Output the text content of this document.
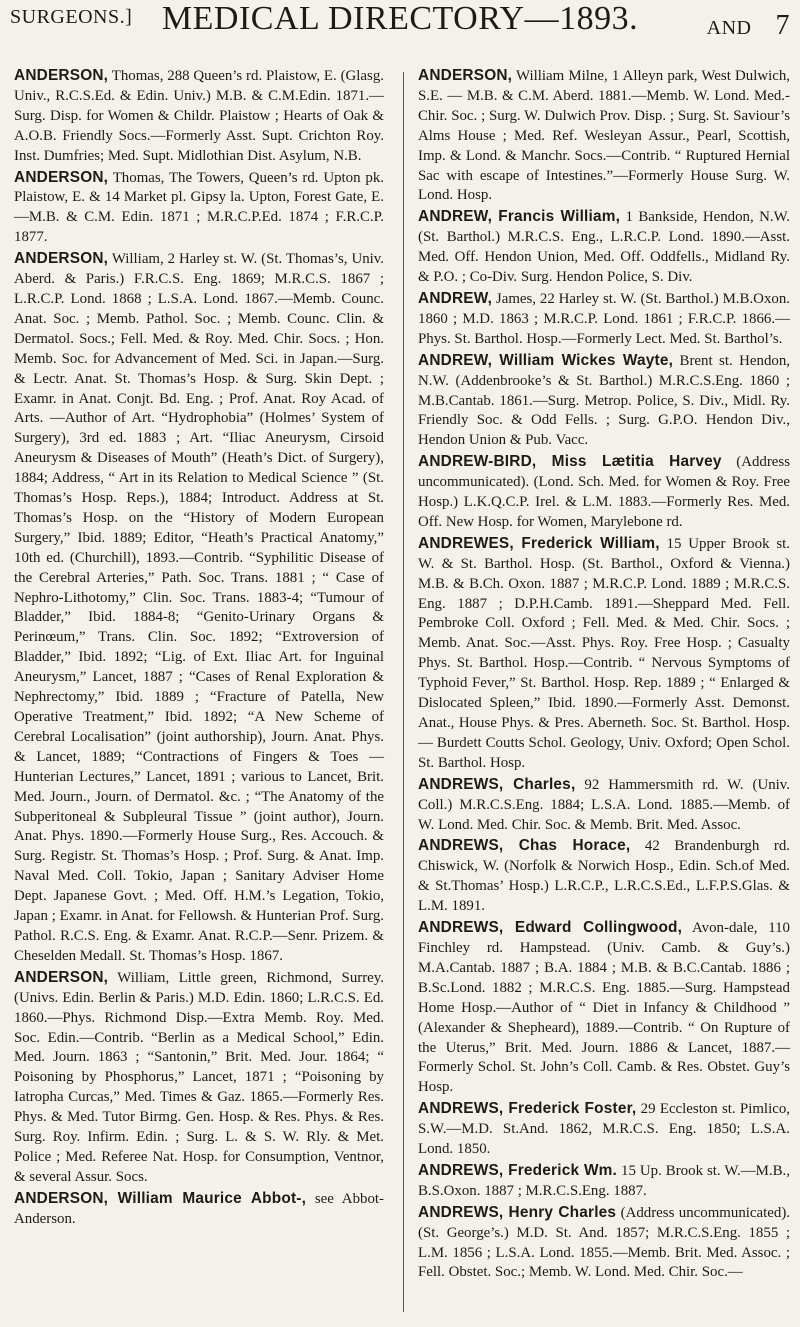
SURGEONS.] MEDICAL DIRECTORY—1893.	AND 7
ANDERSON, Thomas, 288 Queen’s rd. Plaistow, E. (Glasg. Univ., R.C.S.Ed. & Edin. Univ.) M.B. & C.M.Edin. 1871.—Surg. Disp. for Women & Childr. Plaistow ; Hearts of Oak & A.O.B. Friendly Socs.—Formerly Asst. Supt. Crichton Roy. Inst. Dumfries; Med. Supt. Midlothian Dist. Asylum, N.B.
ANDERSON, Thomas, The Towers, Queen’s rd. Upton pk. Plaistow, E. & 14 Market pl. Gipsy la. Upton, Forest Gate, E.—M.B. & C.M. Edin. 1871 ; M.R.C.P.Ed. 1874 ; F.R.C.P. 1877.
ANDERSON, William, 2 Harley st. W. (St. Thomas’s, Univ. Aberd. & Paris.) F.R.C.S. Eng. 1869; M.R.C.S. 1867 ; L.R.C.P. Lond. 1868 ; L.S.A. Lond. 1867.—Memb. Counc. Anat. Soc. ; Memb. Pathol. Soc. ; Memb. Counc. Clin. & Dermatol. Socs.; Fell. Med. & Roy. Med. Chir. Socs. ; Hon. Memb. Soc. for Advancement of Med. Sci. in Japan.—Surg. & Lectr. Anat. St. Thomas’s Hosp. & Surg. Skin Dept. ; Examr. in Anat. Conjt. Bd. Eng. ; Prof. Anat. Roy Acad. of Arts. —Author of Art. “Hydrophobia” (Holmes’ System of Surgery), 3rd ed. 1883 ; Art. “Iliac Aneurysm, Cirsoid Aneurysm & Diseases of Mouth” (Heath’s Dict. of Surgery), 1884; Address, “ Art in its Relation to Medical Science ” (St. Thomas’s Hosp. Reps.), 1884; Introduct. Address at St. Thomas’s Hosp. on the “History of Modern European Surgery,” Ibid. 1889; Editor, “Heath’s Practical Anatomy,” 10th ed. (Churchill), 1893.—Contrib. “Syphilitic Disease of the Cerebral Arteries,” Path. Soc. Trans. 1881 ; “ Case of Nephro-Lithotomy,” Clin. Soc. Trans. 1883-4; “Tumour of Bladder,” Ibid. 1884-8; “Genito-Urinary Organs & Perinœum,” Trans. Clin. Soc. 1892; “Extroversion of Bladder,” Ibid. 1892; “Lig. of Ext. Iliac Art. for Inguinal Aneurysm,” Lancet, 1887 ; “Cases of Renal Exploration & Nephrectomy,” Ibid. 1889 ; “Fracture of Patella, New Operative Treatment,” Ibid. 1892; “A New Scheme of Cerebral Localisation” (joint authorship), Journ. Anat. Phys. & Lancet, 1889; “Contractions of Fingers & Toes — Hunterian Lectures,” Lancet, 1891 ; various to Lancet, Brit. Med. Journ., Journ. of Dermatol. &c. ; “The Anatomy of the Subperitoneal & Subpleural Tissue ” (joint author), Journ. Anat. Phys. 1890.—Formerly House Surg., Res. Accouch. & Surg. Registr. St. Thomas’s Hosp. ; Prof. Surg. & Anat. Imp. Naval Med. Coll. Tokio, Japan ; Sanitary Adviser Home Dept. Japanese Govt. ; Med. Off. H.M.’s Legation, Tokio, Japan ; Examr. in Anat. for Fellowsh. & Hunterian Prof. Surg. Pathol. R.C.S. Eng. & Examr. Anat. R.C.P.—Senr. Prizem. & Cheselden Medall. St. Thomas’s Hosp. 1867.
ANDERSON, William, Little green, Richmond, Surrey. (Univs. Edin. Berlin & Paris.) M.D. Edin. 1860; L.R.C.S. Ed. 1860.—Phys. Richmond Disp.—Extra Memb. Roy. Med. Soc. Edin.—Contrib. “Berlin as a Medical School,” Edin. Med. Journ. 1863 ; “Santonin,” Brit. Med. Jour. 1864; “ Poisoning by Phosphorus,” Lancet, 1871 ; “Poisoning by Iatropha Curcas,” Med. Times & Gaz. 1865.—Formerly Res. Phys. & Med. Tutor Birmg. Gen. Hosp. & Res. Phys. & Res. Surg. Roy. Infirm. Edin. ; Surg. L. & S. W. Rly. & Met. Police ; Med. Referee Nat. Hosp. for Consumption, Ventnor, & several Assur. Socs.
ANDERSON, William Maurice Abbot-, see Abbot-Anderson.
ANDERSON, William Milne, 1 Alleyn park, West Dulwich, S.E. — M.B. & C.M. Aberd. 1881.—Memb. W. Lond. Med.-Chir. Soc. ; Surg. W. Dulwich Prov. Disp. ; Surg. St. Saviour’s Alms House ; Med. Ref. Wesleyan Assur., Pearl, Scottish, Imp. & Lond. & Manchr. Socs.—Contrib. “ Ruptured Hernial Sac with escape of Intestines.”—Formerly House Surg. W. Lond. Hosp.
ANDREW, Francis William, 1 Bankside, Hendon, N.W. (St. Barthol.) M.R.C.S. Eng., L.R.C.P. Lond. 1890.—Asst. Med. Off. Hendon Union, Med. Off. Oddfells., Midland Ry. & P.O. ; Co-Div. Surg. Hendon Police, S. Div.
ANDREW, James, 22 Harley st. W. (St. Barthol.) M.B.Oxon. 1860 ; M.D. 1863 ; M.R.C.P. Lond. 1861 ; F.R.C.P. 1866.—Phys. St. Barthol. Hosp.—Formerly Lect. Med. St. Barthol’s.
ANDREW, William Wickes Wayte, Brent st. Hendon, N.W. (Addenbrooke’s & St. Barthol.) M.R.C.S.Eng. 1860 ; M.B.Cantab. 1861.—Surg. Metrop. Police, S. Div., Midl. Ry. Friendly Soc. & Odd Fells. ; Surg. G.P.O. Hendon Div., Hendon Union & Pub. Vacc.
ANDREW-BIRD, Miss Lætitia Harvey (Address uncommunicated). (Lond. Sch. Med. for Women & Roy. Free Hosp.) L.K.Q.C.P. Irel. & L.M. 1883.—Formerly Res. Med. Off. New Hosp. for Women, Marylebone rd.
ANDREWES, Frederick William, 15 Upper Brook st. W. & St. Barthol. Hosp. (St. Barthol., Oxford & Vienna.) M.B. & B.Ch. Oxon. 1887 ; M.R.C.P. Lond. 1889 ; M.R.C.S. Eng. 1887 ; D.P.H.Camb. 1891.—Sheppard Med. Fell. Pembroke Coll. Oxford ; Fell. Med. & Med. Chir. Socs. ; Memb. Anat. Soc.—Asst. Phys. Roy. Free Hosp. ; Casualty Phys. St. Barthol. Hosp.—Contrib. “ Nervous Symptoms of Typhoid Fever,” St. Barthol. Hosp. Rep. 1889 ; “ Enlarged & Dislocated Spleen,” Ibid. 1890.—Formerly Asst. Demonst. Anat., House Phys. & Pres. Aberneth. Soc. St. Barthol. Hosp. — Burdett Coutts Schol. Geology, Univ. Oxford; Open Schol. St. Barthol. Hosp.
ANDREWS, Charles, 92 Hammersmith rd. W. (Univ. Coll.) M.R.C.S.Eng. 1884; L.S.A. Lond. 1885.—Memb. of W. Lond. Med. Chir. Soc. & Memb. Brit. Med. Assoc.
ANDREWS, Chas Horace, 42 Brandenburgh rd. Chiswick, W. (Norfolk & Norwich Hosp., Edin. Sch.of Med. & St.Thomas’ Hosp.) L.R.C.P., L.R.C.S.Ed., L.F.P.S.Glas. & L.M. 1891.
ANDREWS, Edward Collingwood, Avon-dale, 110 Finchley rd. Hampstead. (Univ. Camb. & Guy’s.) M.A.Cantab. 1887 ; B.A. 1884 ; M.B. & B.C.Cantab. 1886 ; B.Sc.Lond. 1882 ; M.R.C.S. Eng. 1885.—Surg. Hampstead Home Hosp.—Author of “ Diet in Infancy & Childhood ” (Alexander & Shepheard), 1889.—Contrib. “ On Rupture of the Uterus,” Brit. Med. Journ. 1886 & Lancet, 1887.—Formerly Schol. St. John’s Coll. Camb. & Res. Obstet. Guy’s Hosp.
ANDREWS, Frederick Foster, 29 Eccleston st. Pimlico, S.W.—M.D. St.And. 1862, M.R.C.S. Eng. 1850; L.S.A. Lond. 1850.
ANDREWS, Frederick Wm. 15 Up. Brook st. W.—M.B., B.S.Oxon. 1887 ; M.R.C.S.Eng. 1887.
ANDREWS, Henry Charles (Address uncommunicated). (St. George’s.) M.D. St. And. 1857; M.R.C.S.Eng. 1855 ; L.M. 1856 ; L.S.A. Lond. 1855.—Memb. Brit. Med. Assoc. ; Fell. Obstet. Soc.; Memb. W. Lond. Med. Chir. Soc.—
